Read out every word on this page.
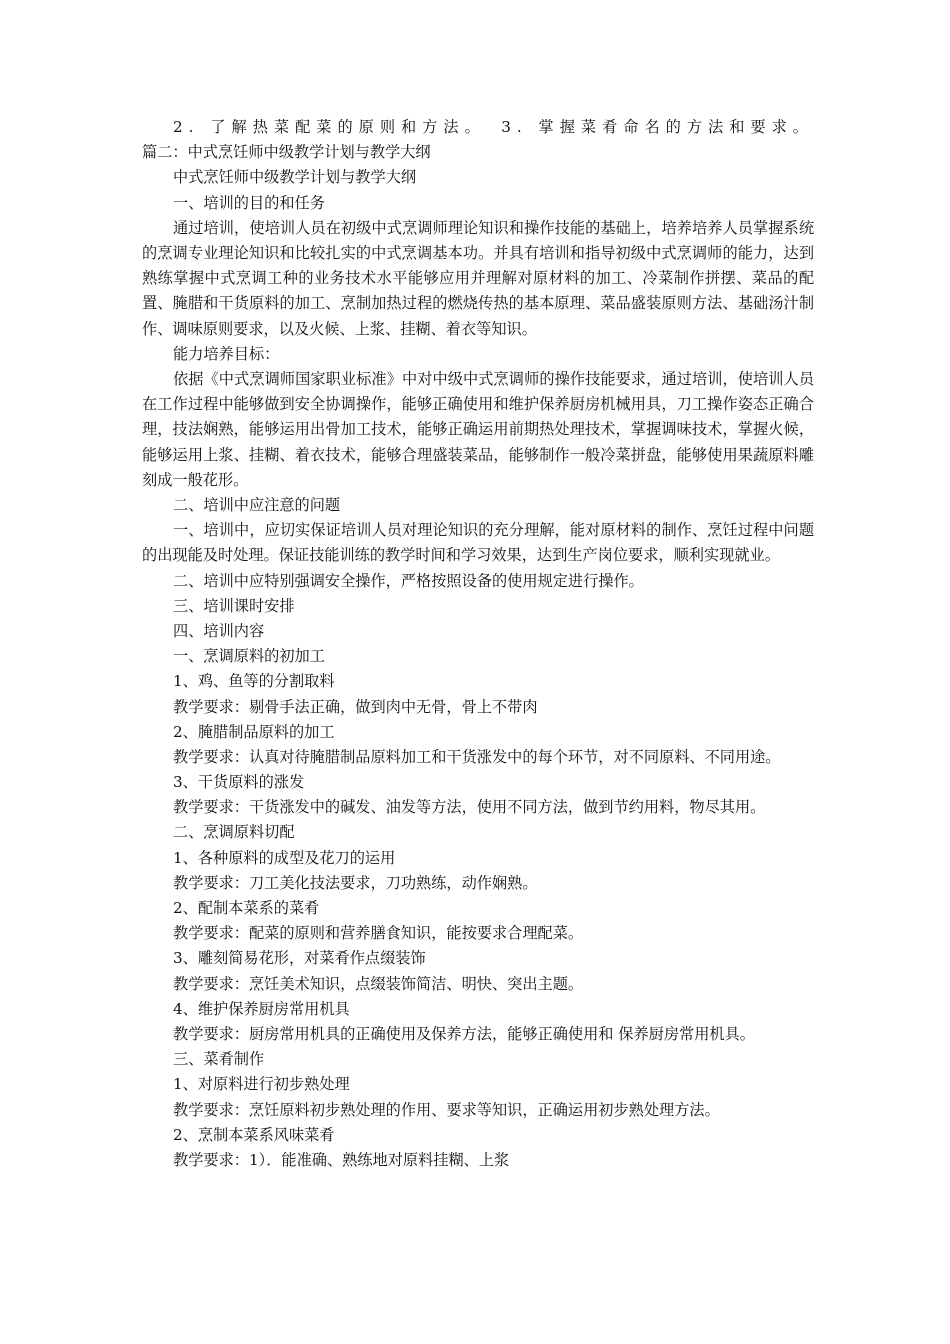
2. 了解热菜配菜的原则和方法。 3. 掌握菜肴命名的方法和要求。
篇二：中式烹饪师中级教学计划与教学大纲
中式烹饪师中级教学计划与教学大纲
一、培训的目的和任务
通过培训，使培训人员在初级中式烹调师理论知识和操作技能的基础上，培养培养人员掌握系统的烹调专业理论知识和比较扎实的中式烹调基本功。并具有培训和指导初级中式烹调师的能力，达到熟练掌握中式烹调工种的业务技术水平能够应用并理解对原材料的加工、冷菜制作拼摆、菜品的配置、腌腊和干货原料的加工、烹制加热过程的燃烧传热的基本原理、菜品盛装原则方法、基础汤汁制作、调味原则要求，以及火候、上浆、挂糊、着衣等知识。
能力培养目标：
依据《中式烹调师国家职业标准》中对中级中式烹调师的操作技能要求，通过培训，使培训人员在工作过程中能够做到安全协调操作，能够正确使用和维护保养厨房机械用具，刀工操作姿态正确合理，技法娴熟，能够运用出骨加工技术，能够正确运用前期热处理技术，掌握调味技术，掌握火候，能够运用上浆、挂糊、着衣技术，能够合理盛装菜品，能够制作一般冷菜拼盘，能够使用果蔬原料雕刻成一般花形。
二、培训中应注意的问题
一、培训中，应切实保证培训人员对理论知识的充分理解，能对原材料的制作、烹饪过程中问题的出现能及时处理。保证技能训练的教学时间和学习效果，达到生产岗位要求，顺利实现就业。
二、培训中应特别强调安全操作，严格按照设备的使用规定进行操作。
三、培训课时安排
四、培训内容
一、烹调原料的初加工
1、鸡、鱼等的分割取料
教学要求：剔骨手法正确，做到肉中无骨，骨上不带肉
2、腌腊制品原料的加工
教学要求：认真对待腌腊制品原料加工和干货涨发中的每个环节，对不同原料、不同用途。
3、干货原料的涨发
教学要求：干货涨发中的碱发、油发等方法，使用不同方法，做到节约用料，物尽其用。
二、烹调原料切配
1、各种原料的成型及花刀的运用
教学要求：刀工美化技法要求，刀功熟练，动作娴熟。
2、配制本菜系的菜肴
教学要求：配菜的原则和营养膳食知识，能按要求合理配菜。
3、雕刻简易花形，对菜肴作点缀装饰
教学要求：烹饪美术知识，点缀装饰简洁、明快、突出主题。
4、维护保养厨房常用机具
教学要求：厨房常用机具的正确使用及保养方法，能够正确使用和 保养厨房常用机具。
三、菜肴制作
1、对原料进行初步熟处理
教学要求：烹饪原料初步熟处理的作用、要求等知识，正确运用初步熟处理方法。
2、烹制本菜系风味菜肴
教学要求：1）．能准确、熟练地对原料挂糊、上浆
